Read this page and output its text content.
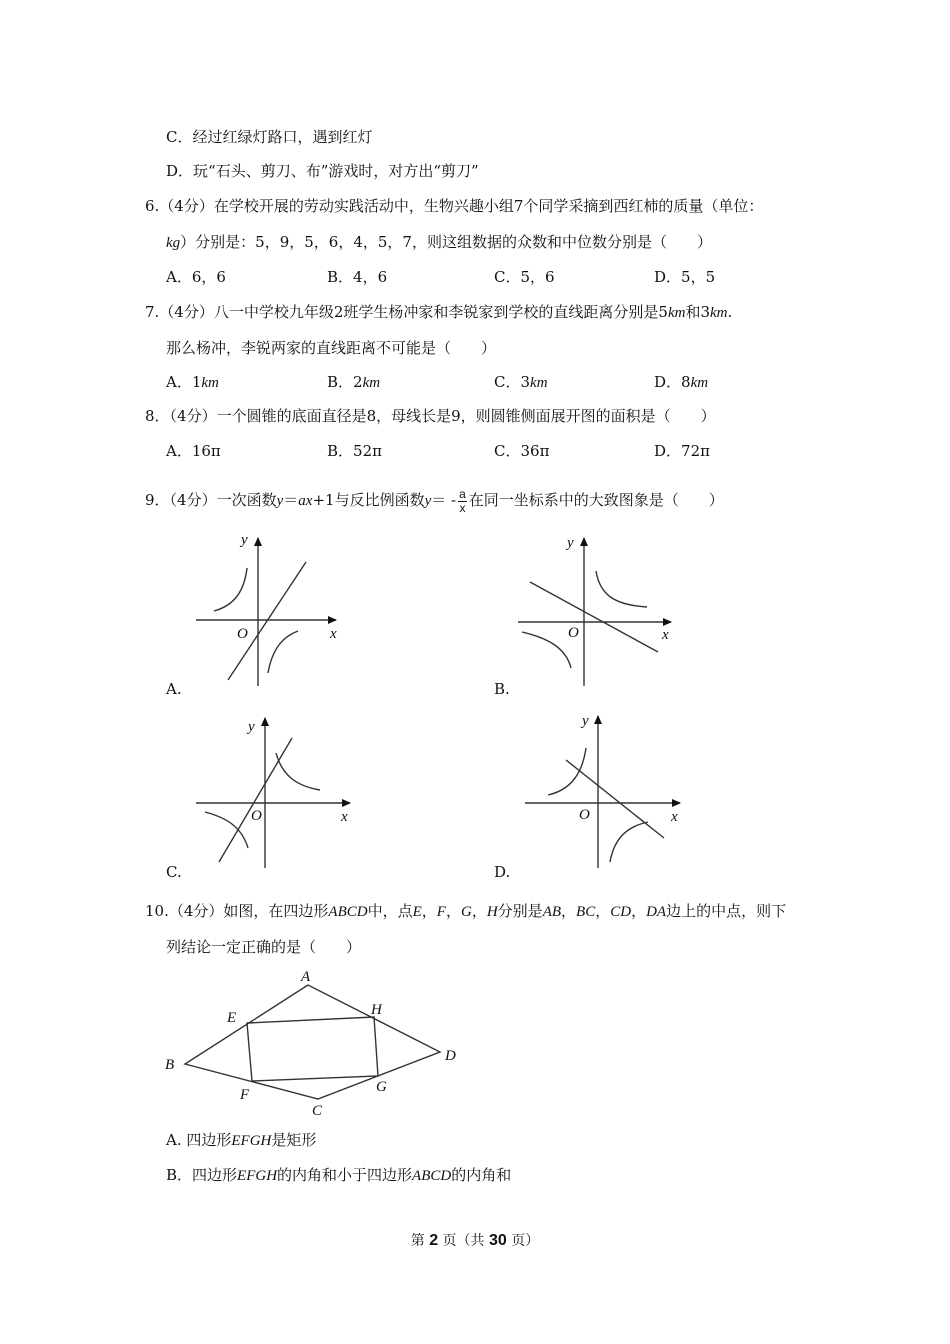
C．经过红绿灯路口，遇到红灯
D．玩“石头、剪刀、布”游戏时，对方出“剪刀”
6.（4分）在学校开展的劳动实践活动中，生物兴趣小组7个同学采摘到西红柿的质量（单位：
kg）分别是：5，9，5，6，4，5，7，则这组数据的众数和中位数分别是（　　）
A．6，6	B．4，6	C．5，6	D．5，5
7.（4分）八一中学校九年级2班学生杨冲家和李锐家到学校的直线距离分别是5km和3km.
那么杨冲，李锐两家的直线距离不可能是（　　）
A．1km	B．2km	C．3km	D．8km
8．（4分）一个圆锥的底面直径是8，母线长是9，则圆锥侧面展开图的面积是（　　）
A．16π	B．52π	C．36π	D．72π
9．（4分）一次函数y＝ax+1与反比例函数$y= - \frac{a}{x}$ 在同一坐标系中的大致图象是（　　）
y
x
O
y
x
O
y
x
O
y
x
O
A
B
C
D
E
F	G
H
A.	B.
C.	D.
10.（4分）如图，在四边形ABCD中，点E，F，G，H分别是AB，BC，CD，DA边上的中点，则下
列结论一定正确的是（　　）
A. 四边形EFGH是矩形
B．四边形EFGH的内角和小于四边形ABCD的内角和
第 2 页（共 30 页）
